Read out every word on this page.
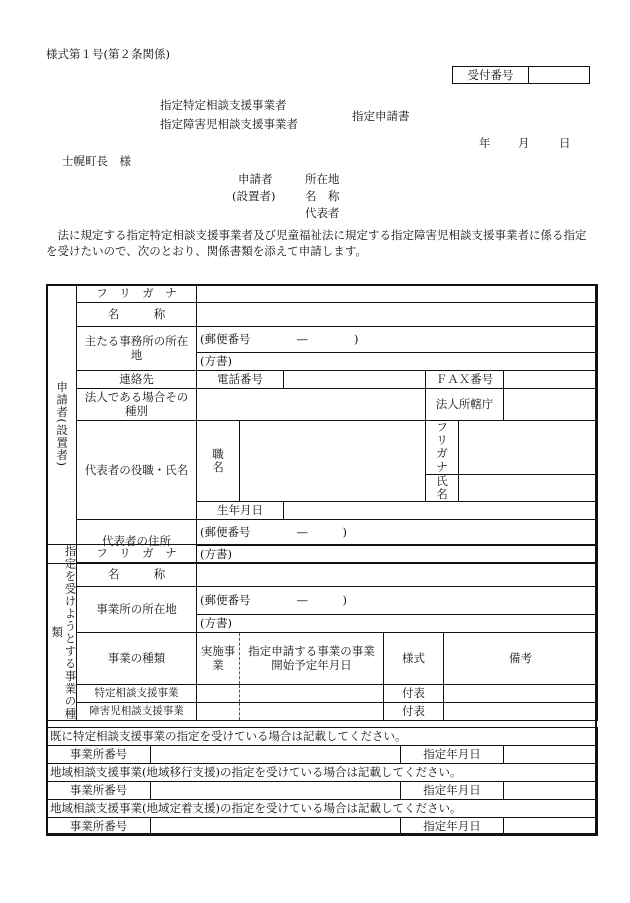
様式第１号(第２条関係)
受付番号
指定特定相談支援事業者
指定障害児相談支援事業者
指定申請書
年 月	日
士幌町長　様
申請者
(設置者)
所在地
名　称
代表者
法に規定する指定特定相談支援事業者及び児童福祉法に規定する指定障害児相談支援事業者に係る指定を受けたいので、次のとおり、関係書類を添えて申請します。
申請者(設置者)	フ　リ　ガ　ナ						
	名　　　称						
	主たる事務所の所在地	(郵便番号　　　　—　　　　)					
		(方書)					
	連絡先	電話番号			ＦＡＸ番号		
	法人である場合その種別				法人所轄庁		
	代表者の役職・氏名	職　　名			フ　リ　ガ　ナ		
					氏　　　　名		
		生年月日					
	代表者の住所	(郵便番号　　　　—　　　)					
		(方書)					
指定を受けようとする事業の種類	フ　リ　ガ　ナ				
	名　　　称				
	事業所の所在地	(郵便番号　　　　—　　　)			
		(方書)			
	事業の種類	実施事業	指定申請する事業の事業開始予定年月日	様式	備考
	特定相談支援事業			付表	
	障害児相談支援事業			付表	
既に特定相談支援事業の指定を受けている場合は記載してください。			
事業所番号		指定年月日	
地域相談支援事業(地域移行支援)の指定を受けている場合は記載してください。			
事業所番号		指定年月日	
地域相談支援事業(地域定着支援)の指定を受けている場合は記載してください。			
事業所番号		指定年月日	
